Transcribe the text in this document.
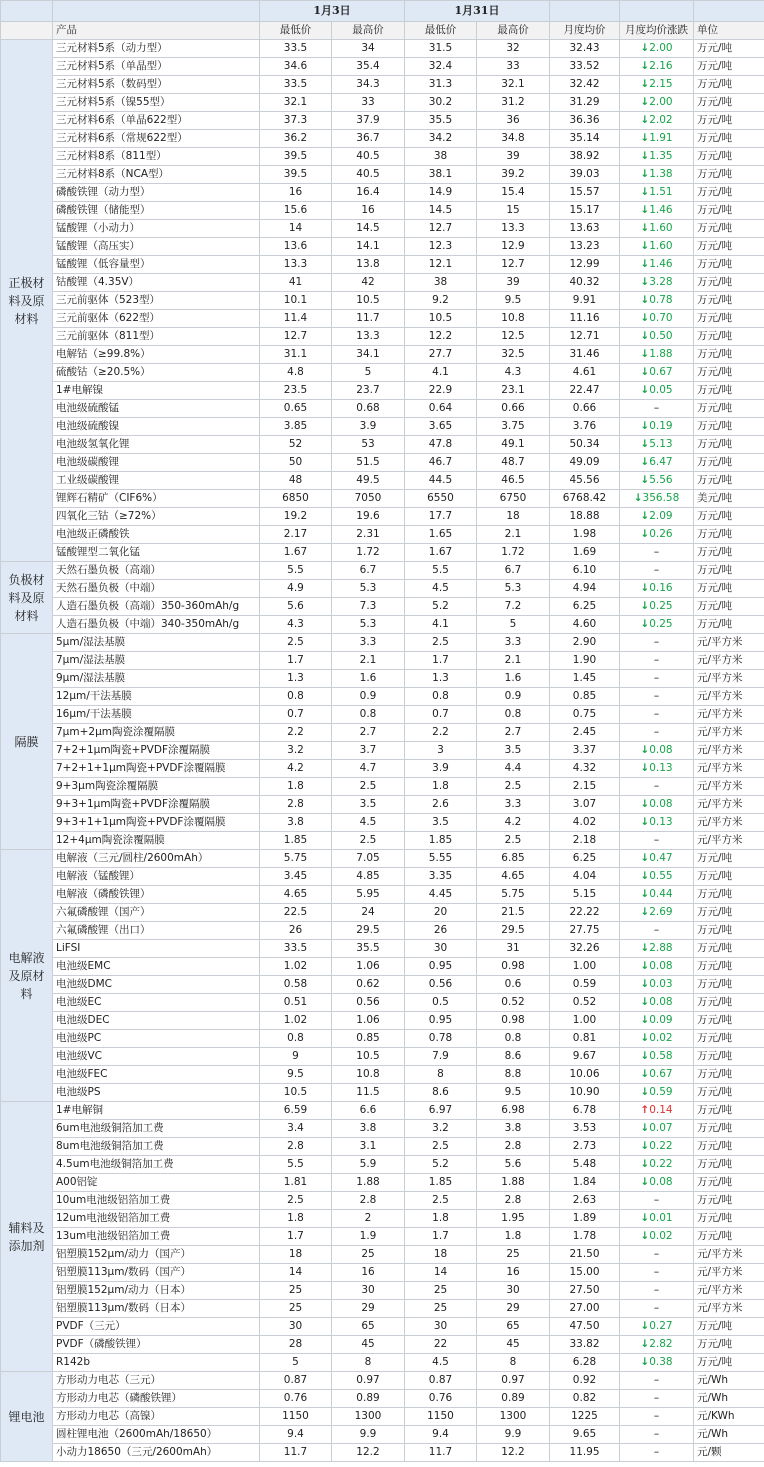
		1月3日		1月31日				
	产品	最低价	最高价	最低价	最高价	月度均价	月度均价涨跌	单位
正极材料及原材料	三元材料5系（动力型）	33.5	34	31.5	32	32.43	↓2.00	万元/吨
	三元材料5系（单晶型）	34.6	35.4	32.4	33	33.52	↓2.16	万元/吨
	三元材料5系（数码型）	33.5	34.3	31.3	32.1	32.42	↓2.15	万元/吨
	三元材料5系（镍55型）	32.1	33	30.2	31.2	31.29	↓2.00	万元/吨
	三元材料6系（单晶622型）	37.3	37.9	35.5	36	36.36	↓2.02	万元/吨
	三元材料6系（常规622型）	36.2	36.7	34.2	34.8	35.14	↓1.91	万元/吨
	三元材料8系（811型）	39.5	40.5	38	39	38.92	↓1.35	万元/吨
	三元材料8系（NCA型）	39.5	40.5	38.1	39.2	39.03	↓1.38	万元/吨
	磷酸铁锂（动力型）	16	16.4	14.9	15.4	15.57	↓1.51	万元/吨
	磷酸铁锂（储能型）	15.6	16	14.5	15	15.17	↓1.46	万元/吨
	锰酸锂（小动力）	14	14.5	12.7	13.3	13.63	↓1.60	万元/吨
	锰酸锂（高压实）	13.6	14.1	12.3	12.9	13.23	↓1.60	万元/吨
	锰酸锂（低容量型）	13.3	13.8	12.1	12.7	12.99	↓1.46	万元/吨
	钴酸锂（4.35V）	41	42	38	39	40.32	↓3.28	万元/吨
	三元前驱体（523型）	10.1	10.5	9.2	9.5	9.91	↓0.78	万元/吨
	三元前驱体（622型）	11.4	11.7	10.5	10.8	11.16	↓0.70	万元/吨
	三元前驱体（811型）	12.7	13.3	12.2	12.5	12.71	↓0.50	万元/吨
	电解钴（≥99.8%）	31.1	34.1	27.7	32.5	31.46	↓1.88	万元/吨
	硫酸钴（≥20.5%）	4.8	5	4.1	4.3	4.61	↓0.67	万元/吨
	1#电解镍	23.5	23.7	22.9	23.1	22.47	↓0.05	万元/吨
	电池级硫酸锰	0.65	0.68	0.64	0.66	0.66	–	万元/吨
	电池级硫酸镍	3.85	3.9	3.65	3.75	3.76	↓0.19	万元/吨
	电池级氢氧化锂	52	53	47.8	49.1	50.34	↓5.13	万元/吨
	电池级碳酸锂	50	51.5	46.7	48.7	49.09	↓6.47	万元/吨
	工业级碳酸锂	48	49.5	44.5	46.5	45.56	↓5.56	万元/吨
	锂辉石精矿（CIF6%）	6850	7050	6550	6750	6768.42	↓356.58	美元/吨
	四氧化三钴（≥72%）	19.2	19.6	17.7	18	18.88	↓2.09	万元/吨
	电池级正磷酸铁	2.17	2.31	1.65	2.1	1.98	↓0.26	万元/吨
	锰酸锂型二氧化锰	1.67	1.72	1.67	1.72	1.69	–	万元/吨
负极材料及原材料	天然石墨负极（高端）	5.5	6.7	5.5	6.7	6.10	–	万元/吨
	天然石墨负极（中端）	4.9	5.3	4.5	5.3	4.94	↓0.16	万元/吨
	人造石墨负极（高端）350-360mAh/g	5.6	7.3	5.2	7.2	6.25	↓0.25	万元/吨
	人造石墨负极（中端）340-350mAh/g	4.3	5.3	4.1	5	4.60	↓0.25	万元/吨
隔膜	5μm/湿法基膜	2.5	3.3	2.5	3.3	2.90	–	元/平方米
	7μm/湿法基膜	1.7	2.1	1.7	2.1	1.90	–	元/平方米
	9μm/湿法基膜	1.3	1.6	1.3	1.6	1.45	–	元/平方米
	12μm/干法基膜	0.8	0.9	0.8	0.9	0.85	–	元/平方米
	16μm/干法基膜	0.7	0.8	0.7	0.8	0.75	–	元/平方米
	7μm+2μm陶瓷涂覆隔膜	2.2	2.7	2.2	2.7	2.45	–	元/平方米
	7+2+1μm陶瓷+PVDF涂覆隔膜	3.2	3.7	3	3.5	3.37	↓0.08	元/平方米
	7+2+1+1μm陶瓷+PVDF涂覆隔膜	4.2	4.7	3.9	4.4	4.32	↓0.13	元/平方米
	9+3μm陶瓷涂覆隔膜	1.8	2.5	1.8	2.5	2.15	–	元/平方米
	9+3+1μm陶瓷+PVDF涂覆隔膜	2.8	3.5	2.6	3.3	3.07	↓0.08	元/平方米
	9+3+1+1μm陶瓷+PVDF涂覆隔膜	3.8	4.5	3.5	4.2	4.02	↓0.13	元/平方米
	12+4μm陶瓷涂覆隔膜	1.85	2.5	1.85	2.5	2.18	–	元/平方米
电解液及原材料	电解液（三元/圆柱/2600mAh）	5.75	7.05	5.55	6.85	6.25	↓0.47	万元/吨
	电解液（锰酸锂）	3.45	4.85	3.35	4.65	4.04	↓0.55	万元/吨
	电解液（磷酸铁锂）	4.65	5.95	4.45	5.75	5.15	↓0.44	万元/吨
	六氟磷酸锂（国产）	22.5	24	20	21.5	22.22	↓2.69	万元/吨
	六氟磷酸锂（出口）	26	29.5	26	29.5	27.75	–	万元/吨
	LiFSI	33.5	35.5	30	31	32.26	↓2.88	万元/吨
	电池级EMC	1.02	1.06	0.95	0.98	1.00	↓0.08	万元/吨
	电池级DMC	0.58	0.62	0.56	0.6	0.59	↓0.03	万元/吨
	电池级EC	0.51	0.56	0.5	0.52	0.52	↓0.08	万元/吨
	电池级DEC	1.02	1.06	0.95	0.98	1.00	↓0.09	万元/吨
	电池级PC	0.8	0.85	0.78	0.8	0.81	↓0.02	万元/吨
	电池级VC	9	10.5	7.9	8.6	9.67	↓0.58	万元/吨
	电池级FEC	9.5	10.8	8	8.8	10.06	↓0.67	万元/吨
	电池级PS	10.5	11.5	8.6	9.5	10.90	↓0.59	万元/吨
辅料及添加剂	1#电解铜	6.59	6.6	6.97	6.98	6.78	↑0.14	万元/吨
	6um电池级铜箔加工费	3.4	3.8	3.2	3.8	3.53	↓0.07	万元/吨
	8um电池级铜箔加工费	2.8	3.1	2.5	2.8	2.73	↓0.22	万元/吨
	4.5um电池级铜箔加工费	5.5	5.9	5.2	5.6	5.48	↓0.22	万元/吨
	A00铝锭	1.81	1.88	1.85	1.88	1.84	↓0.08	万元/吨
	10um电池级铝箔加工费	2.5	2.8	2.5	2.8	2.63	–	万元/吨
	12um电池级铝箔加工费	1.8	2	1.8	1.95	1.89	↓0.01	万元/吨
	13um电池级铝箔加工费	1.7	1.9	1.7	1.8	1.78	↓0.02	万元/吨
	铝塑膜152μm/动力（国产）	18	25	18	25	21.50	–	元/平方米
	铝塑膜113μm/数码（国产）	14	16	14	16	15.00	–	元/平方米
	铝塑膜152μm/动力（日本）	25	30	25	30	27.50	–	元/平方米
	铝塑膜113μm/数码（日本）	25	29	25	29	27.00	–	元/平方米
	PVDF（三元）	30	65	30	65	47.50	↓0.27	万元/吨
	PVDF（磷酸铁锂）	28	45	22	45	33.82	↓2.82	万元/吨
	R142b	5	8	4.5	8	6.28	↓0.38	万元/吨
锂电池	方形动力电芯（三元）	0.87	0.97	0.87	0.97	0.92	–	元/Wh
	方形动力电芯（磷酸铁锂）	0.76	0.89	0.76	0.89	0.82	–	元/Wh
	方形动力电芯（高镍）	1150	1300	1150	1300	1225	–	元/KWh
	圆柱锂电池（2600mAh/18650）	9.4	9.9	9.4	9.9	9.65	–	元/Wh
	小动力18650（三元/2600mAh）	11.7	12.2	11.7	12.2	11.95	–	元/颗
